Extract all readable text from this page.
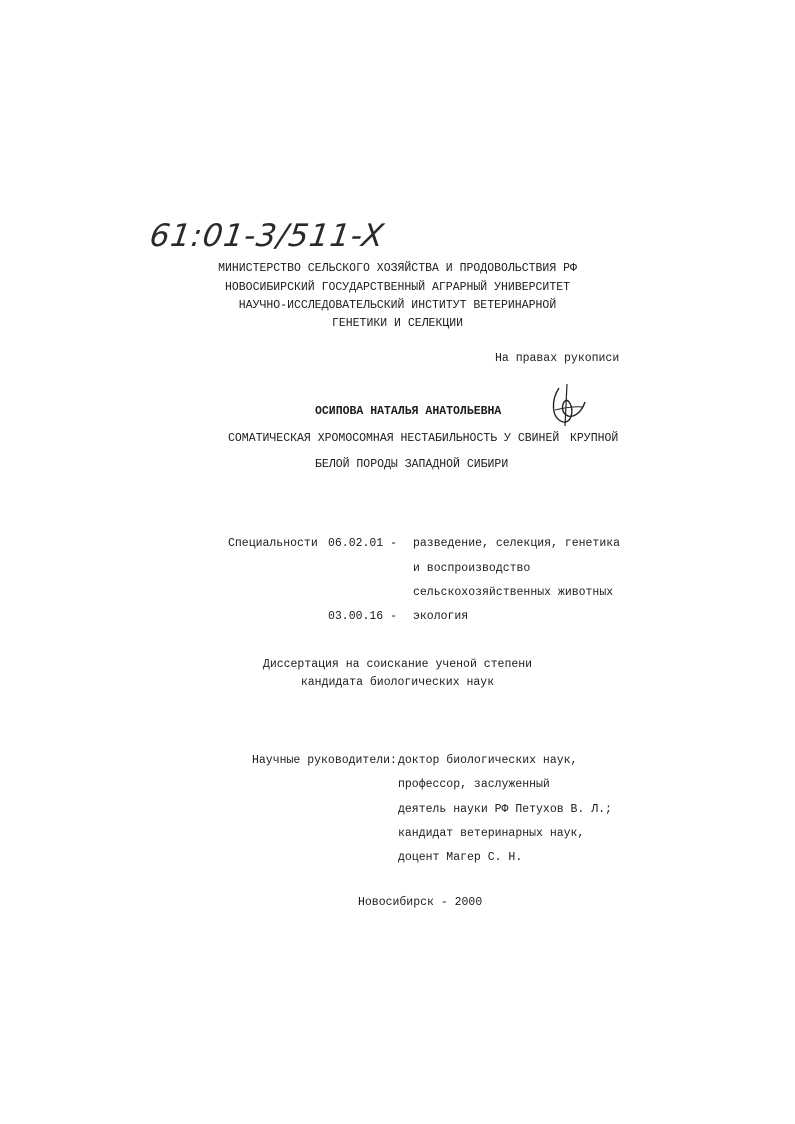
61:01-3/511-X
МИНИСТЕРСТВО СЕЛЬСКОГО ХОЗЯЙСТВА И ПРОДОВОЛЬСТВИЯ РФ
НОВОСИБИРСКИЙ ГОСУДАРСТВЕННЫЙ АГРАРНЫЙ УНИВЕРСИТЕТ
НАУЧНО-ИССЛЕДОВАТЕЛЬСКИЙ ИНСТИТУТ ВЕТЕРИНАРНОЙ
ГЕНЕТИКИ И СЕЛЕКЦИИ
На правах рукописи
ОСИПОВА НАТАЛЬЯ АНАТОЛЬЕВНА
СОМАТИЧЕСКАЯ ХРОМОСОМНАЯ НЕСТАБИЛЬНОСТЬ У СВИНЕЙ КРУПНОЙ
БЕЛОЙ ПОРОДЫ ЗАПАДНОЙ СИБИРИ
Специальности 06.02.01 - разведение, селекция, генетика
и воспроизводство
сельскохозяйственных животных
03.00.16 - экология
Диссертация на соискание ученой степени
кандидата биологических наук
Научные руководители: доктор биологических наук,
профессор, заслуженный
деятель науки РФ Петухов В. Л.;
кандидат ветеринарных наук,
доцент Магер С. Н.
Новосибирск - 2000
